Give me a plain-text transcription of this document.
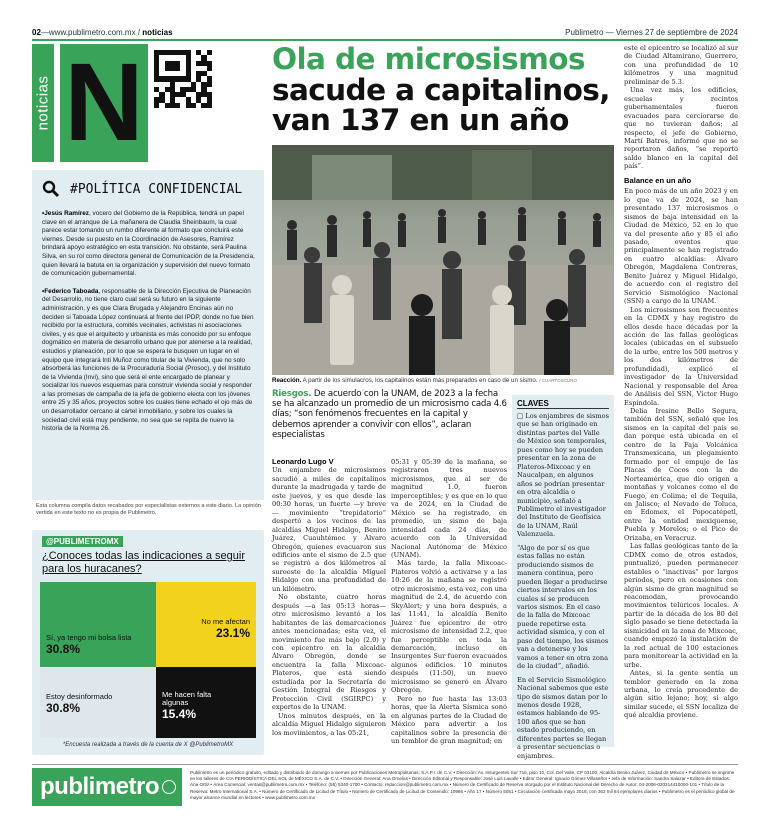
02—www.publimetro.com.mx / noticias	Publimetro — Viernes 27 de septiembre de 2024
noticias N
#POLÍTICA CONFIDENCIAL

•Jesús Ramírez, vocero del Gobierno de la República, tendrá un papel clave en el arranque de La mañanera de Claudia Sheinbaum, la cual parece estar tomando un rumbo diferente al formato que concluirá este viernes. Desde su puesto en la Coordinación de Asesores, Ramírez brindará apoyo estratégico en esta transición. No obstante, será Paulina Silva, en su rol como directora general de Comunicación de la Presidencia, quien llevará la batuta en la organización y supervisión del nuevo formato de comunicación gubernamental.

•Federico Taboada, responsable de la Dirección Ejecutiva de Planeación del Desarrollo, no tiene claro cual será su futuro en la siguiente administración, y es que Clara Brugada y Alejandro Encinas aún no deciden si Taboada López continuará al frente del IPDP, donde no fue bien recibido por la estructura, comités vecinales, activistas ni asociaciones civiles, y es que el arquitecto y urbanista es más conocido por su enfoque dogmático en materia de desarrollo urbano que por atenerse a la realidad, estudios y planeación, por lo que se espera le busquen un lugar en el equipo que integrará Inti Muñoz como titular de la Vivienda, que no solo absorberá las funciones de la Procuraduría Social (Prosoc), y del Instituto de la Vivienda (Invi), sino que será el ente encargado de planear y socializar los nuevos esquemas para construir vivienda social y responder a las promesas de campaña de la jefa de gobierno electa con los jóvenes entre 25 y 35 años, proyectos sobre los cuales tiene echado el ojo más de un desarrollador cercano al cártel inmobiliario, y sobre los cuales la sociedad civil está muy pendiente, no sea que se repita de nuevo la historia de la Norma 26.

Esta columna compila datos recabados por especialistas externos a este diario. La opinión vertida en este texto no es propia de Publimetro.
@PUBLIMETROMX
¿Conoces todas las indicaciones a seguir para los huracanes?
Sí, ya tengo mi bolsa lista
30.8%
No me afectan
23.1%
Estoy desinformado
30.8%
Me hacen falta algunas
15.4%
*Encuesta realizada a través de la cuenta de X @PublimetroMX
Ola de microsismos
sacude a capitalinos, van 137 en un año
Reacción. A partir de los simulacros, los capitalinos están más preparados en caso de un sismo. / CUARTOSCURO
Riesgos. De acuerdo con la UNAM, de 2023 a la fecha se ha alcanzado un promedio de un microsismo cada 4.6 días; “son fenómenos frecuentes en la capital y debemos aprender a convivir con ellos”, aclaran especialistas

Leonardo Lugo V

Un enjambre de microsismos sacudió a miles de capitalinos durante la madrugada y tarde de este jueves, y es que desde las 00:30 horas, un fuerte —y breve— movimiento “trepidatorio” despertó a los vecinos de las alcaldías Miguel Hidalgo, Benito Juárez, Cuauhtémoc y Álvaro Obregón, quienes evacuaron sus edificios ante el sismo de 2.5 que se registró a dos kilómetros al suroeste de la alcaldía Miguel Hidalgo con una profundidad de un kilómetro.

No obstante, cuatro horas después —a las 05:13 horas— otro microsismo levantó a los habitantes de las demarcaciones antes mencionadas; esta vez, el movimiento fue más bajo (2.0) y con epicentro en la alcaldía Álvaro Obregón, donde se encuentra la falla Mixcoac-Plateros, que está siendo estudiada por la Secretaría de Gestión Integral de Riesgos y Protección Civil (SGIRPC) y expertos de la UNAM.

Unos minutos después, en la alcaldía Miguel Hidalgo siguieron los movimientos, a las 05:21,

05:31 y 05:39 de la mañana, se registraron tres nuevos microsismos, que al ser de magnitud 1.0, fueron imperceptibles; y es que en lo que va de 2024, en la Ciudad de México se ha registrado, en promedio, un sismo de baja intensidad cada 24 días, de acuerdo con la Universidad Nacional Autónoma de México (UNAM).

Más tarde, la falla Mixcoac-Plateros volvió a activarse y a las 10:26 de la mañana se registró otro microsismo, esta vez, con una magnitud de 2.4, de acuerdo con SkyAlert; y una hora después, a las 11:41, la alcaldía Benito Juárez fue epicentro de otro microsismo de intensidad 2.2, que fue perceptible en toda la demarcación, incluso en Insurgentes Sur fueron evacuados algunos edificios. 10 minutos después (11:50), un nuevo microsismo se generó en Álvaro Obregón.

Pero no fue hasta las 13:03 horas, que la Alerta Sísmica sonó en algunas partes de la Ciudad de México para advertir a los capitalinos sobre la presencia de un temblor de gran magnitud; en

CLAVES

□ Los enjambres de sismos que se han originado en distintas partes del Valle de México son temporales, pues como hoy se pueden presentar en la zona de Plateros-Mixcoac y en Naucalpan, en algunos años se podrían presentar en otra alcaldía o municipio, señaló a Publimetro el investigador del Instituto de Geofísica de la UNAM, Raúl Valenzuela.

“Algo de por sí es que estas fallas no están produciendo sismos de manera continua, pero pueden llegar a producirse ciertos intervalos en los cuales sí se producen varios sismos. En el caso de la falla de Mixcoac puede repetirse esta actividad sísmica, y con el paso del tiempo, los sismos van a detenerse y los vamos a tener en otra zona de la ciudad”, añadió.

En el Servicio Sismológico Nacional sabemos que este tipo de sismos datan por lo menos desde 1928, estamos hablando de 95-100 años que se han estado produciendo, en diferentes partes se llegan a presentar secuencias o enjambres.

este el epicentro se localizó al sur de Ciudad Altamirano, Guerrero, con una profundidad de 10 kilómetros y una magnitud preliminar de 5.3.

Una vez más, los edificios, escuelas y recintos gubernamentales fueron evacuados para cerciorarse de que no tuvieran daños; al respecto, el jefe de Gobierno, Martí Batres, informó que no se reportaron daños, “se reportó saldo blanco en la capital del país”.

Balance en un año

En poco más de un año 2023 y en lo que va de 2024, se han presentado 137 microsismos o sismos de baja intensidad en la Ciudad de México, 52 en lo que va del presente año y 85 el año pasado, eventos que principalmente se han registrado en cuatro alcaldías: Álvaro Obregón, Magdalena Contreras, Benito Juárez y Miguel Hidalgo, de acuerdo con el registro del Servicio Sismológico Nacional (SSN) a cargo de la UNAM.

Los microsismos son frecuentes en la CDMX y hay registro de ellos desde hace décadas por la acción de las fallas geológicas locales (ubicadas en el subsuelo de la urbe, entre los 500 metros y los dos kilómetros de profundidad), explicó el investigador de la Universidad Nacional y responsable del Área de Análisis del SSN, Víctor Hugo Espíndola.

Delia Iresine Bello Segura, también del SSN, señaló que los sismos en la capital del país se dan porque está ubicada en el centro de la Faja Volcánica Transmexicana, un plegamiento formado por el empuje de las Placas de Cocos con la de Norteamérica, que dio origen a montañas y volcanes como el de Fuego, en Colima; el de Tequila, en Jalisco; el Nevado de Toluca, en Edomex, el Popocatépetl, entre la entidad mexiquense, Puebla y Morelos; o el Pico de Orizaba, en Veracruz.

Las fallas geológicas tanto de la CDMX como de otros estados, puntualizó, pueden permanecer estables o “inactivas” por largos periodos, pero en ocasiones con algún sismo de gran magnitud se reacomodan, provocando movimientos telúricos locales. A partir de la década de los 80 del siglo pasado se tiene detectada la sismicidad en la zona de Mixcoac, cuando empezó la instalación de la red actual de 100 estaciones para monitorear la actividad en la urbe.

Antes, si la gente sentía un temblor generado en la zona urbana, lo creía procedente de algún sitio lejano; hoy, si algo similar sucede, el SSN localiza de qué alcaldía proviene.

publimetro
Publimetro es un periódico gratuito, editado y distribuido de domingo a viernes por Publicaciones Metropolitanas, S.A.P.I. de C.V. • Dirección: Av. Insurgentes Sur 716, piso 10, Col. Del Valle, CP 03100, Alcaldía Benito Juárez, Ciudad de México • Publimetro se imprime en los talleres de CIA PERIODÍSTICA DEL SOL de MÉXICO S.A. de C.V. • Dirección General: Ana Ornelas • Dirección Editorial y Responsable: José Luis Lavalle • Editor General: Ignacio Gómez Villaseñor • Jefa de Información: Sandra Salazar • Editora de Estados: Ana Ortiz • Área Comercial: ventas@publimetro.com.mx • Teléfono: (55) 5340-1700 • Contacto: redaccion@publimetro.com.mx • Número de Certificado de Reserva otorgado por el Instituto Nacional del Derecho de Autor: 04-2006-020314410000-101 • Título de la Reserva: Metro International S.A. • Número de Certificado de Licitud de Título • Número de Certificado de Licitud de Contenido: 10966 • Año 17 • Número 5051 • Circulación certificada mayo 2018, con 362 mil 64 ejemplares diarios • Publimetro es el periódico global de mayor alcance mundial en lectores • www.publimetro.com.mx
